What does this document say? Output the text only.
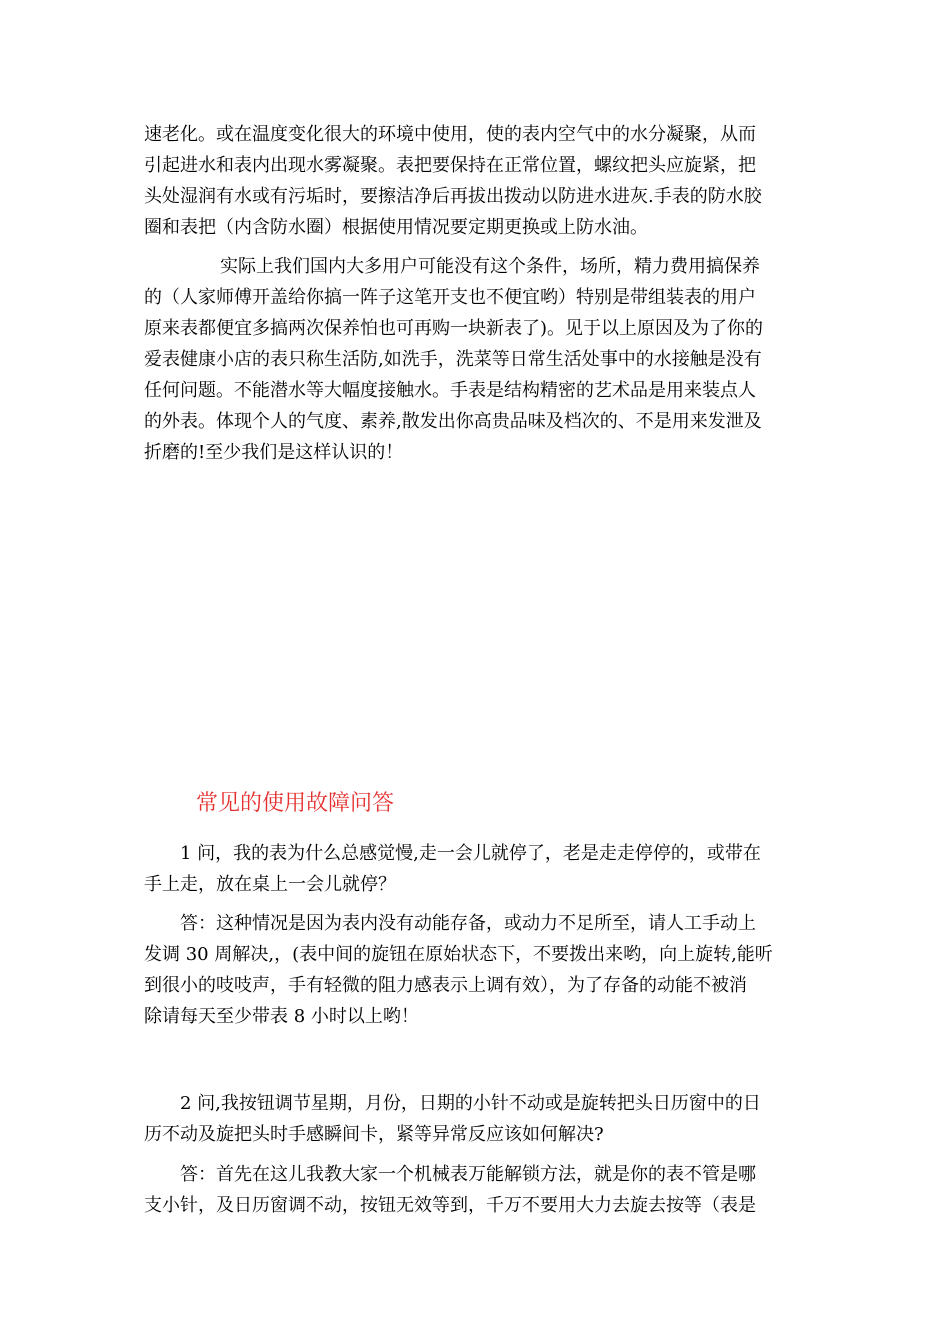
速老化。或在温度变化很大的环境中使用，使的表内空气中的水分凝聚，从而
引起进水和表内出现水雾凝聚。表把要保持在正常位置，螺纹把头应旋紧，把
头处湿润有水或有污垢时，要擦洁净后再拔出拨动以防进水进灰.手表的防水胶
圈和表把（内含防水圈）根据使用情况要定期更换或上防水油。
实际上我们国内大多用户可能没有这个条件，场所，精力费用搞保养
的（人家师傅开盖给你搞一阵子这笔开支也不便宜哟）特别是带组装表的用户
原来表都便宜多搞两次保养怕也可再购一块新表了)。见于以上原因及为了你的
爱表健康小店的表只称生活防,如洗手，洗菜等日常生活处事中的水接触是没有
任何问题。不能潜水等大幅度接触水。手表是结构精密的艺术品是用来装点人
的外表。体现个人的气度、素养,散发出你高贵品味及档次的、不是用来发泄及
折磨的!至少我们是这样认识的！
常见的使用故障问答
1 问，我的表为什么总感觉慢,走一会儿就停了，老是走走停停的，或带在
手上走，放在桌上一会儿就停？
答：这种情况是因为表内没有动能存备，或动力不足所至，请人工手动上
发调 30 周解决,，(表中间的旋钮在原始状态下，不要拨出来哟，向上旋转,能听
到很小的吱吱声，手有轻微的阻力感表示上调有效），为了存备的动能不被消
除请每天至少带表 8 小时以上哟！
2 问,我按钮调节星期，月份，日期的小针不动或是旋转把头日历窗中的日
历不动及旋把头时手感瞬间卡，紧等异常反应该如何解决?
答：首先在这儿我教大家一个机械表万能解锁方法，就是你的表不管是哪
支小针，及日历窗调不动，按钮无效等到，千万不要用大力去旋去按等（表是
